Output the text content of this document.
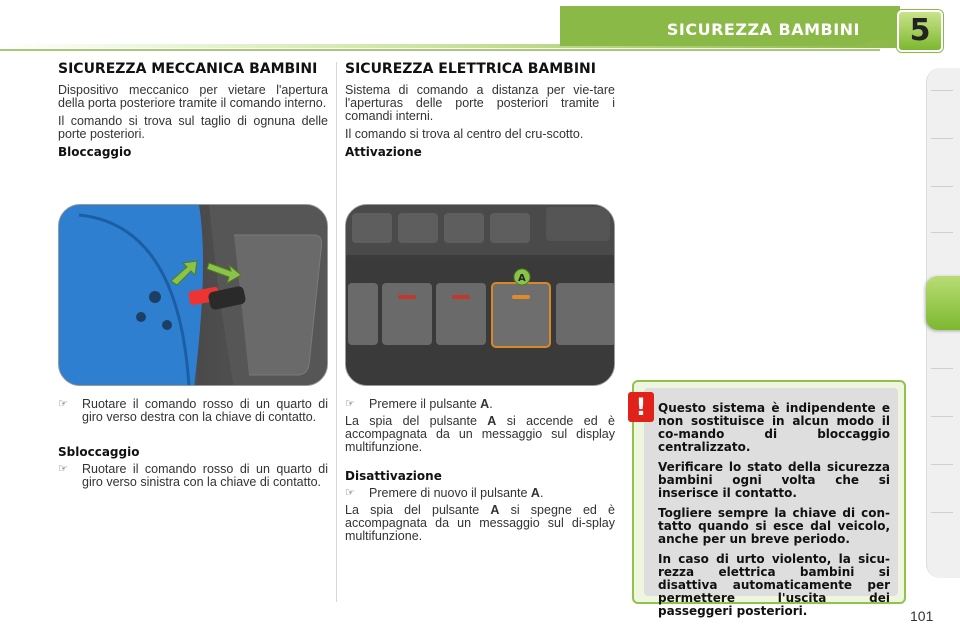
SICUREZZA BAMBINI	5
SICUREZZA MECCANICA BAMBINI

Dispositivo meccanico per vietare l'apertura della porta posteriore tramite il comando interno.

Il comando si trova sul taglio di ognuna delle porte posteriori.

Bloccaggio
☞	Ruotare il comando rosso di un quarto di giro verso destra con la chiave di contatto.
Sbloccaggio
☞	Ruotare il comando rosso di un quarto di giro verso sinistra con la chiave di contatto.
SICUREZZA ELETTRICA BAMBINI

Sistema di comando a distanza per vie-tare l'aperturas delle porte posteriori tramite i comandi interni.

Il comando si trova al centro del cru-scotto.

Attivazione
A
☞	Premere il pulsante A.

La spia del pulsante A si accende ed è accompagnata da un messaggio sul display multifunzione.

Disattivazione
☞	Premere di nuovo il pulsante A.

La spia del pulsante A si spegne ed è accompagnata da un messaggio sul di-splay multifunzione.

Questo sistema è indipendente e non sostituisce in alcun modo il co-mando di bloccaggio centralizzato.

Verificare lo stato della sicurezza bambini ogni volta che si inserisce il contatto.

Togliere sempre la chiave di con-tatto quando si esce dal veicolo, anche per un breve periodo.

In caso di urto violento, la sicu-rezza elettrica bambini si disattiva automaticamente per permettere l'uscita dei passeggeri posteriori.

!
101
